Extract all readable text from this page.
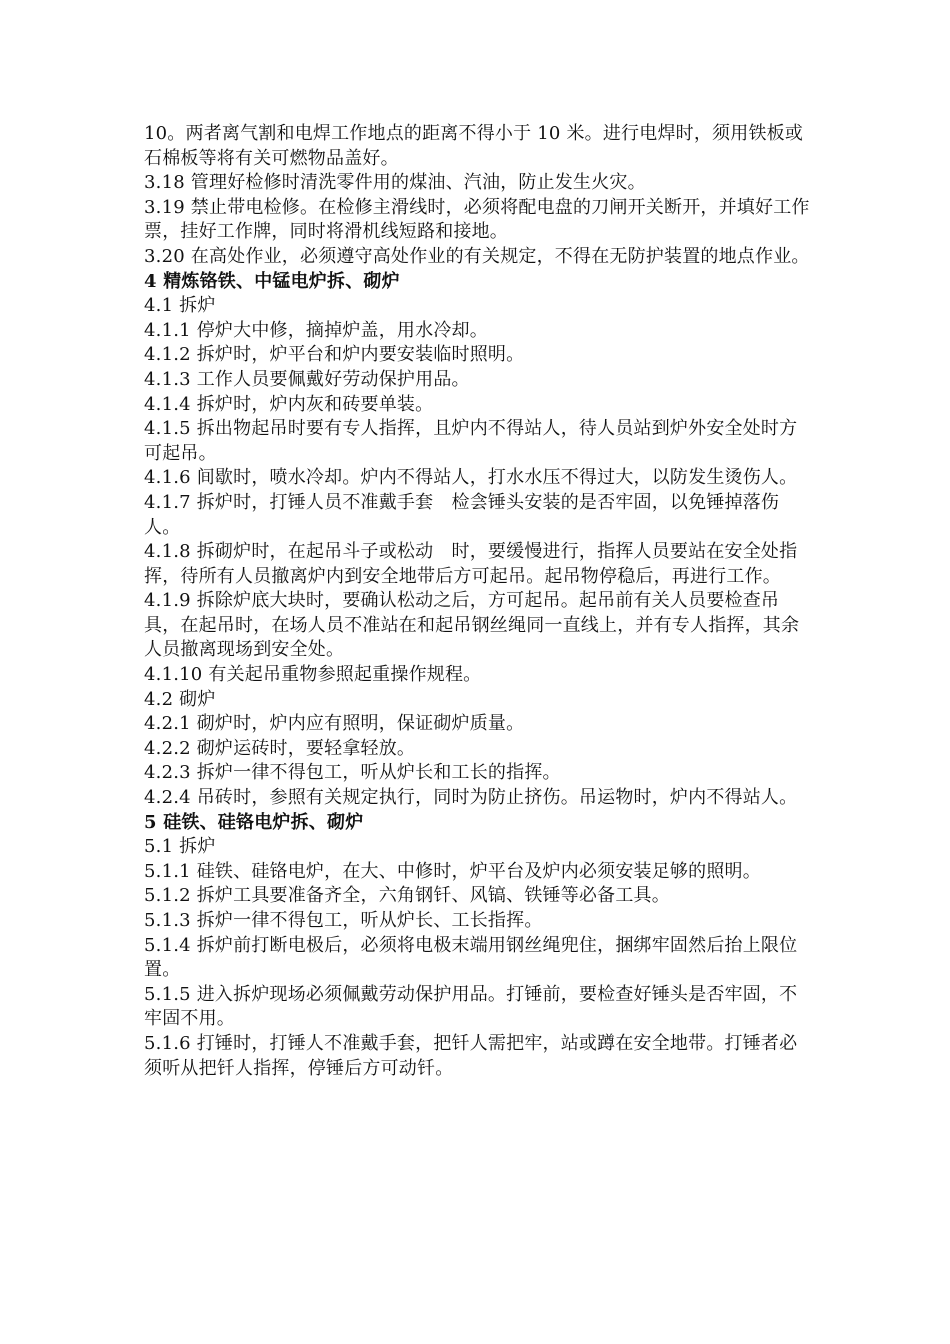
10。两者离气割和电焊工作地点的距离不得小于 10 米。进行电焊时，须用铁板或石棉板等将有关可燃物品盖好。

3.18 管理好检修时清洗零件用的煤油、汽油，防止发生火灾。

3.19 禁止带电检修。在检修主滑线时，必须将配电盘的刀闸开关断开，并填好工作票，挂好工作牌，同时将滑机线短路和接地。

3.20 在高处作业，必须遵守高处作业的有关规定，不得在无防护装置的地点作业。

4 精炼铬铁、中锰电炉拆、砌炉

4.1 拆炉

4.1.1 停炉大中修，摘掉炉盖，用水冷却。

4.1.2 拆炉时，炉平台和炉内要安装临时照明。

4.1.3 工作人员要佩戴好劳动保护用品。

4.1.4 拆炉时，炉内灰和砖要单装。

4.1.5 拆出物起吊时要有专人指挥，且炉内不得站人，待人员站到炉外安全处时方可起吊。

4.1.6 间歇时，喷水冷却。炉内不得站人，打水水压不得过大，以防发生烫伤人。

4.1.7 拆炉时，打锤人员不准戴手套　检侌锤头安装的是否牢固，以免锤掉落伤人。

4.1.8 拆砌炉时，在起吊斗子或松动　时，要缓慢进行，指挥人员要站在安全处指挥，待所有人员撤离炉内到安全地带后方可起吊。起吊物停稳后，再进行工作。

4.1.9 拆除炉底大块时，要确认松动之后，方可起吊。起吊前有关人员要检查吊具，在起吊时，在场人员不准站在和起吊钢丝绳同一直线上，并有专人指挥，其余人员撤离现场到安全处。

4.1.10 有关起吊重物参照起重操作规程。

4.2 砌炉

4.2.1 砌炉时，炉内应有照明，保证砌炉质量。

4.2.2 砌炉运砖时，要轻拿轻放。

4.2.3 拆炉一律不得包工，听从炉长和工长的指挥。

4.2.4 吊砖时，参照有关规定执行，同时为防止挤伤。吊运物时，炉内不得站人。

5 硅铁、硅铬电炉拆、砌炉

5.1 拆炉

5.1.1 硅铁、硅铬电炉，在大、中修时，炉平台及炉内必须安装足够的照明。

5.1.2 拆炉工具要准备齐全，六角钢钎、风镐、铁锤等必备工具。

5.1.3 拆炉一律不得包工，听从炉长、工长指挥。

5.1.4 拆炉前打断电极后，必须将电极末端用钢丝绳兜住，捆绑牢固然后抬上限位置。

5.1.5 进入拆炉现场必须佩戴劳动保护用品。打锤前，要检查好锤头是否牢固，不牢固不用。

5.1.6 打锤时，打锤人不准戴手套，把钎人需把牢，站或蹲在安全地带。打锤者必须听从把钎人指挥，停锤后方可动钎。
